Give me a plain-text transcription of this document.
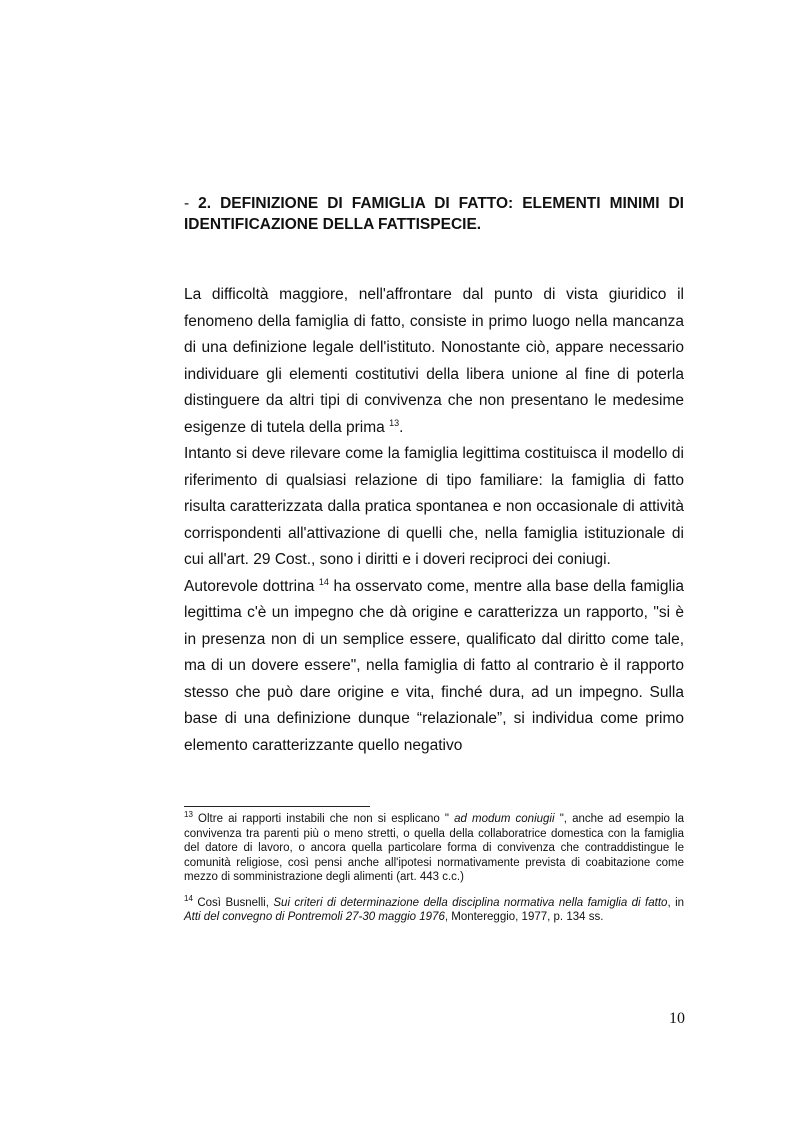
- 2. DEFINIZIONE DI FAMIGLIA DI FATTO: ELEMENTI MINIMI DI IDENTIFICAZIONE DELLA FATTISPECIE.

La difficoltà maggiore, nell'affrontare dal punto di vista giuridico il fenomeno della famiglia di fatto, consiste in primo luogo nella mancanza di una definizione legale dell'istituto. Nonostante ciò, appare necessario individuare gli elementi costitutivi della libera unione al fine di poterla distinguere da altri tipi di convivenza che non presentano le medesime esigenze di tutela della prima $^{13}$.

Intanto si deve rilevare come la famiglia legittima costituisca il modello di riferimento di qualsiasi relazione di tipo familiare: la famiglia di fatto risulta caratterizzata dalla pratica spontanea e non occasionale di attività corrispondenti all'attivazione di quelli che, nella famiglia istituzionale di cui all'art. 29 Cost., sono i diritti e i doveri reciproci dei coniugi.

Autorevole dottrina $^{14}$ ha osservato come, mentre alla base della famiglia legittima c'è un impegno che dà origine e caratterizza un rapporto, "si è in presenza non di un semplice essere, qualificato dal diritto come tale, ma di un dovere essere", nella famiglia di fatto al contrario è il rapporto stesso che può dare origine e vita, finché dura, ad un impegno. Sulla base di una definizione dunque “relazionale”, si individua come primo elemento caratterizzante quello negativo

$^{13}$ Oltre ai rapporti instabili che non si esplicano " ad modum coniugii ", anche ad esempio la convivenza tra parenti più o meno stretti, o quella della collaboratrice domestica con la famiglia del datore di lavoro, o ancora quella particolare forma di convivenza che contraddistingue le comunità religiose, così pensi anche all'ipotesi normativamente prevista di coabitazione come mezzo di somministrazione degli alimenti (art. 443 c.c.)

$^{14}$ Così Busnelli, Sui criteri di determinazione della disciplina normativa nella famiglia di fatto, in Atti del convegno di Pontremoli 27-30 maggio 1976, Montereggio, 1977, p. 134 ss.

10
